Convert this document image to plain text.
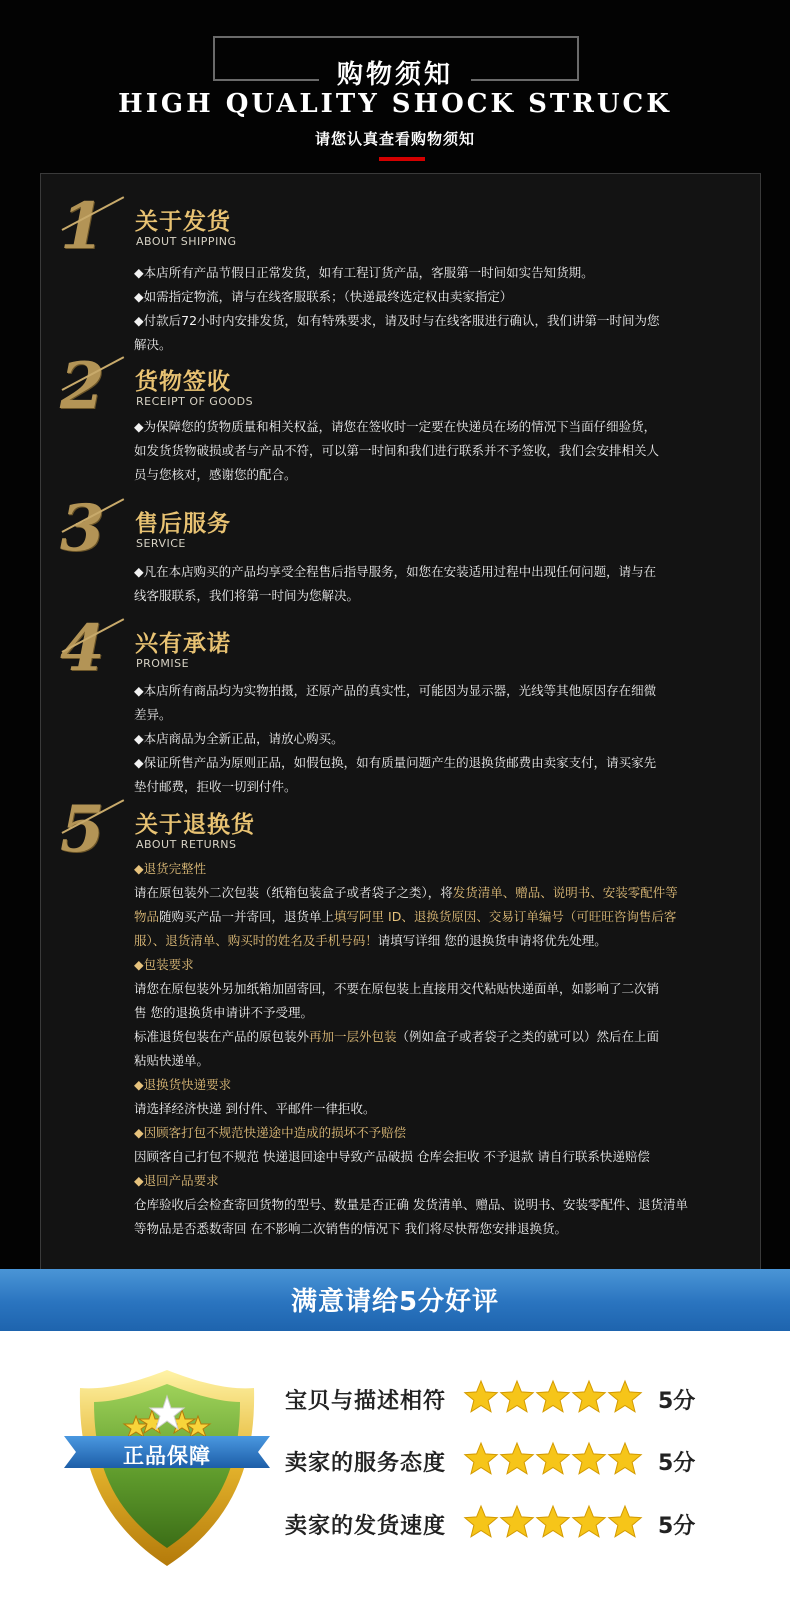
购物须知
HIGH QUALITY SHOCK STRUCK
请您认真查看购物须知
1	关于发货
ABOUT SHIPPING

◆本店所有产品节假日正常发货，如有工程订货产品，客服第一时间如实告知货期。

◆如需指定物流，请与在线客服联系；（快递最终选定权由卖家指定）

◆付款后72小时内安排发货，如有特殊要求，请及时与在线客服进行确认，我们讲第一时间为您

解决。

2	货物签收
RECEIPT OF GOODS

◆为保障您的货物质量和相关权益，请您在签收时一定要在快递员在场的情况下当面仔细验货，

如发货货物破损或者与产品不符，可以第一时间和我们进行联系并不予签收，我们会安排相关人

员与您核对，感谢您的配合。

3	售后服务
SERVICE

◆凡在本店购买的产品均享受全程售后指导服务，如您在安装适用过程中出现任何问题，请与在

线客服联系，我们将第一时间为您解决。

4	兴有承诺
PROMISE

◆本店所有商品均为实物拍摄，还原产品的真实性，可能因为显示器，光线等其他原因存在细微

差异。

◆本店商品为全新正品，请放心购买。

◆保证所售产品为原则正品，如假包换，如有质量问题产生的退换货邮费由卖家支付，请买家先

垫付邮费，拒收一切到付件。

5	关于退换货
ABOUT RETURNS

◆退货完整性

请在原包装外二次包装（纸箱包装盒子或者袋子之类），将发货清单、赠品、说明书、安装零配件等

物品随购买产品一并寄回，退货单上填写阿里 ID、退换货原因、交易订单编号（可旺旺咨询售后客

服）、退货清单、购买时的姓名及手机号码！请填写详细 您的退换货申请将优先处理。

◆包装要求

请您在原包装外另加纸箱加固寄回，不要在原包装上直接用交代粘贴快递面单，如影响了二次销

售 您的退换货申请讲不予受理。

标准退货包装在产品的原包装外再加一层外包装（例如盒子或者袋子之类的就可以）然后在上面

粘贴快递单。

◆退换货快递要求

请选择经济快递 到付件、平邮件一律拒收。

◆因顾客打包不规范快递途中造成的损坏不予赔偿

因顾客自己打包不规范 快递退回途中导致产品破损 仓库会拒收 不予退款 请自行联系快递赔偿

◆退回产品要求

仓库验收后会检查寄回货物的型号、数量是否正确 发货清单、赠品、说明书、安装零配件、退货清单

等物品是否悉数寄回 在不影响二次销售的情况下 我们将尽快帮您安排退换货。

满意请给5分好评
正品保障
宝贝与描述相符	5分
卖家的服务态度	5分
卖家的发货速度	5分
